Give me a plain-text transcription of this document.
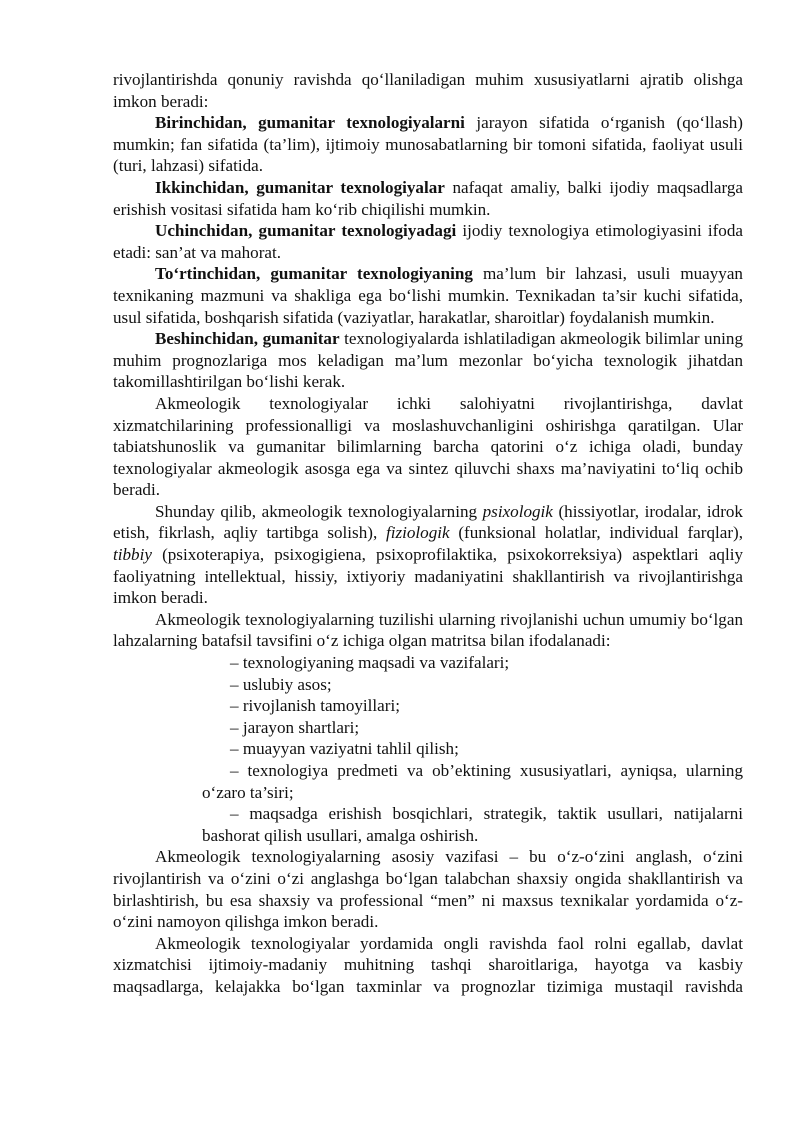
rivojlantirishda qonuniy ravishda qo‘llaniladigan muhim xususiyatlarni ajratib olishga imkon beradi:

Birinchidan, gumanitar texnologiyalarni jarayon sifatida o‘rganish (qo‘llash) mumkin; fan sifatida (ta’lim), ijtimoiy munosabatlarning bir tomoni sifatida, faoliyat usuli (turi, lahzasi) sifatida.

Ikkinchidan, gumanitar texnologiyalar nafaqat amaliy, balki ijodiy maqsadlarga erishish vositasi sifatida ham ko‘rib chiqilishi mumkin.

Uchinchidan, gumanitar texnologiyadagi ijodiy texnologiya etimologiyasini ifoda etadi: san’at va mahorat.

To‘rtinchidan, gumanitar texnologiyaning ma’lum bir lahzasi, usuli muayyan texnikaning mazmuni va shakliga ega bo‘lishi mumkin. Texnikadan ta’sir kuchi sifatida, usul sifatida, boshqarish sifatida (vaziyatlar, harakatlar, sharoitlar) foydalanish mumkin.

Beshinchidan, gumanitar texnologiyalarda ishlatiladigan akmeologik bilimlar uning muhim prognozlariga mos keladigan ma’lum mezonlar bo‘yicha texnologik jihatdan takomillashtirilgan bo‘lishi kerak.

Akmeologik texnologiyalar ichki salohiyatni rivojlantirishga, davlat xizmatchilarining professionalligi va moslashuvchanligini oshirishga qaratilgan. Ular tabiatshunoslik va gumanitar bilimlarning barcha qatorini o‘z ichiga oladi, bunday texnologiyalar akmeologik asosga ega va sintez qiluvchi shaxs ma’naviyatini to‘liq ochib beradi.

Shunday qilib, akmeologik texnologiyalarning psixologik (hissiyotlar, irodalar, idrok etish, fikrlash, aqliy tartibga solish), fiziologik (funksional holatlar, individual farqlar), tibbiy (psixoterapiya, psixogigiena, psixoprofilaktika, psixokorreksiya) aspektlari aqliy faoliyatning intellektual, hissiy, ixtiyoriy madaniyatini shakllantirish va rivojlantirishga imkon beradi.

Akmeologik texnologiyalarning tuzilishi ularning rivojlanishi uchun umumiy bo‘lgan lahzalarning batafsil tavsifini o‘z ichiga olgan matritsa bilan ifodalanadi:

– texnologiyaning maqsadi va vazifalari;
– uslubiy asos;
– rivojlanish tamoyillari;
– jarayon shartlari;
– muayyan vaziyatni tahlil qilish;
– texnologiya predmeti va ob’ektining xususiyatlari, ayniqsa, ularning o‘zaro ta’siri;
– maqsadga erishish bosqichlari, strategik, taktik usullari, natijalarni bashorat qilish usullari, amalga oshirish.

Akmeologik texnologiyalarning asosiy vazifasi – bu o‘z-o‘zini anglash, o‘zini rivojlantirish va o‘zini o‘zi anglashga bo‘lgan talabchan shaxsiy ongida shakllantirish va birlashtirish, bu esa shaxsiy va professional “men” ni maxsus texnikalar yordamida o‘z-o‘zini namoyon qilishga imkon beradi.

Akmeologik texnologiyalar yordamida ongli ravishda faol rolni egallab, davlat xizmatchisi ijtimoiy-madaniy muhitning tashqi sharoitlariga, hayotga va kasbiy maqsadlarga, kelajakka bo‘lgan taxminlar va prognozlar tizimiga mustaqil ravishda
